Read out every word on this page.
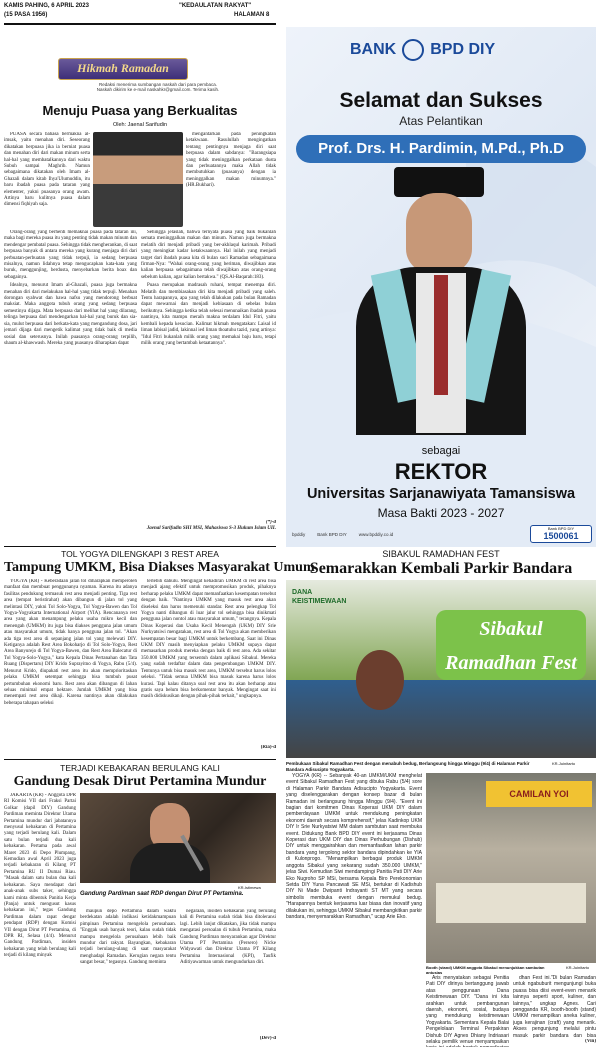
KAMIS PAHING, 6 APRIL 2023
(15 PASA 1956)
"KEDAULATAN RAKYAT"
HALAMAN 8
Hikmah Ramadan
Redaksi menerima sumbangan naskah dari para pembaca.
Naskah dikirim ke e-mail naskahkr@gmail.com. Terima kasih.
Menuju Puasa yang Berkualitas
Oleh: Jaenal Sarifudin

PUASA secara bahasa bermakna al-imsak, yaitu menahan diri. Seseorang dikatakan berpuasa jika ia berniat puasa dan menahan diri dari makan minum serta hal-hal yang membatalkannya dari waktu Subuh sampai Maghrib. Namun sebagaimana dikatakan oleh Imam al-Ghazali dalam kitab Ihya'Ulumuddin, itu baru ibadah puasa pada tataran yang elementer, yakni puasanya orang awam. Artinya baru kulitnya puasa dalam dimensi fiqhiyah saja.

Orang-orang yang berhenti memaknai puasa pada tataran ini, maka bagi mereka puasa itu yang penting tidak makan minum dan mendengar pembatal puasa. Sehingga tidak mengherankan, di saat berpuasa banyak di antara mereka yang kurang menjaga diri dari perbuatan-perbuatan yang tidak terpuji, ia sedang berpuasa misalnya, namun lidahnya tetap mengucapkan kata-kata yang buruk, menggunjing, berdusta, menyebarkan berita hoax dan sebagainya.

Idealnya, menurut Imam al-Ghazali, puasa juga bermakna menahan diri dari melakukan hal-hal yang tidak terpuji. Menahan dorongan syahwat dan hawa nafsu yang mendorong berbuat maksiat. Maka anggota tubuh orang yang sedang berpuasa semestinya dijaga. Mata berpuasa dari melihat hal yang dilarang, telinga berpuasa dari mendengarkan hal-hal yang buruk dan sia-sia, mulut berpuasa dari berkata-kata yang mengandung dosa, jari jemari dijaga dari mengetik kalimat yang tidak baik di media sosial dan seterusnya. Inilah puasanya orang-orang terpilih, shaum al-khawwash. Mereka yang puasanya diharapkan dapat

mengantarkan pada peningkatan ketakwaan. Rasulullah mengingatkan tentang pentingnya menjaga diri saat berpuasa dalam sabdanya: "Barangsiapa yang tidak meninggalkan perkataan dusta dan perbuatannya maka Allah tidak membutuhkan (puasanya) dengan ia meninggalkan makan minumnya." (HR.Bukhari).

Sehingga jelaslah, bahwa ternyata puasa yang baik bukanlah semata meninggalkan makan dan minum. Namun juga bermakna melatih diri menjadi pribadi yang ber-akhlaqul karimah. Pribadi yang meningkat kadar ketakwaannya. Hal inilah yang menjadi target dari ibadah puasa kita di bulan suci Ramadan sebagaimana firman-Nya: "Wahai orang-orang yang beriman, diwajibkan atas kalian berpuasa sebagaimana telah diwajibkan atas orang-orang sebelum kalian, agar kalian bertakwa." (QS.Al-Baqarah:183).

Puasa merupakan madrasah ruhani, tempat menempa diri. Melatih dan membiasakan diri kita menjadi pribadi yang saleh. Tentu harapannya, apa yang telah dilakukan pada bulan Ramadan dapat mewarnai dan menjadi kebiasaan di sebelas bulan berikutnya. Sehingga ketika telah selesai menunaikan ibadah puasa nantinya, kita mampu meraih makna terdalam Idul Fitri, yaitu kembali kepada kesucian. Kalimat hikmah mengatakan: Laisal id liman labisal jadid, lakinnal ied liman thoatuhu tazid, yang artinya: "Idul Fitri bukanlah milik orang yang memakai baju baru, tetapi milik orang yang bertambah ketaatannya".

(*)-d
Jaenal Sarifudin SHI MSI, Mahasiswa S-3 Hukum Islam UII.
BANK BPD DIY
Selamat dan Sukses
Atas Pelantikan
Prof. Drs. H. Pardimin, M.Pd., Ph.D
sebagai
REKTOR
Universitas Sarjanawiyata Tamansiswa
Masa Bakti 2023 - 2027
bpddiy	Bank BPD DIY	www.bpddiy.co.id
Bank BPD DIY
1500061
TOL YOGYA DILENGKAPI 3 REST AREA
Tampung UMKM, Bisa Diakses Masyarakat Umum

YOGYA (KR) - Keberadaan jalan tol diharapkan memperoleh manfaat dan membuat penggunanya nyaman. Karena itu adanya fasilitas pendukung termasuk rest area menjadi penting. Tiga rest area (tempat beristirahat) akan dibangun di jalan tol yang melintasi DIY, yakni Tol Solo-Yogya, Tol Yogya-Bawen dan Tol Yogya-Yogyakarta International Airport (YIA). Rencananya rest area yang akan menampung pelaku usaha mikro kecil dan menengah (UMKM) itu juga bisa diakses pengguna jalan umum atau masyarakat umum, tidak hanya pengguna jalan tol. "Akan ada tiga rest area di sepanjang jalan tol yang melewati DIY. Ketiganya adalah Rest Area Bokoharjo di Tol Solo-Yogya, Rest Area Banyurejo di Tol Yogya-Bawen, dan Rest Area Balecatur di Tol Yogya-Solo-Yogya," kata Kepala Dinas Pertanahan dan Tata Ruang (Dispertaru) DIY Krido Suprayitno di Yogya, Rabu (5/4). Menurut Krido, diupakati rest area itu akan memprioritaskan pelaku UMKM setempat sehingga bisa tumbuh pusat pertumbuhan ekonomi baru. Rest area akan dibangun di lahan seluas minimal empat hektare. Jumlah UMKM yang bisa menempati rest area dikaji. Karena nantinya akan dilakukan beberapa tahapan seleksi

terlebih dahulu. Mengingat kehadiran UMKM di rest area bisa menjadi ajang efektif untuk mempromosikan produk, pihaknya berharap pelaku UMKM dapat memanfaatkan kesempatan tersebut dengan baik. "Nantinya UMKM yang masuk rest area akan diseleksi dan harus memenuhi standar. Rest area pelengkap Tol Yogya nanti dibangun di luar jalur tol sehingga bisa dinikmati pengguna jalan nontol atau masyarakat umum," terangnya. Kepala Dinas Koperasi dan Usaha Kecil Menengah (UKM) DIY Srie Nurkyatsiwi mengatakan, rest area di Tol Yogya akan memberikan kesempatan besar bagi UMKM untuk berkembang. Saat ini Dinas UKM DIY masih menyiapkan pelaku UMKM supaya dapat memasarkan produk mereka dengan baik di rest area. Ada sekitar 350.000 UMKM yang tersentuh dalam aplikasi Sibakul. Mereka yang sudah terdaftar dalam data pengembangan UMKM DIY. Tentunya untuk bisa masuk rest area, UMKM tersebut harus lolos seleksi. "Tidak semua UMKM bisa masuk karena harus lolos kurasi. Tapi kalau ditanya soal rest area itu akan berharap atau gratis saya belum bisa berkomentar banyak. Mengingat saat ini masih didiskusikan dengan pihak-pihak terkait," ungkapnya.

(Ria)-d
TERJADI KEBAKARAN BERULANG KALI
Gandung Desak Dirut Pertamina Mundur

JAKARTA (KR) - Anggota DPR RI Komisi VII dari Fraksi Partai Golkar (dapil DIY) Gandung Pardiman meminta Direktur Utama Pertamina mundur dari jabatannya menyusul kebakaran di Pertamina yang terjadi berulang kali. Dalam satu bulan terjadi dua kali kebakaran. Pertama pada awal Maret 2023 di Depo Plumpang, Kemudian awal April 2023 juga terjadi kebakaran di Kilang PT Pertamina RU II Dumai Riau. "Masak dalam satu bulan dua kali kebakaran. Saya mendapat dari anak-anak subs taker, sehingga kami minta dibentuk Panitia Kerja (Panja) untuk mengusut kasus kebakaran ini," tegas Gandung Pardiman dalam rapat dengar pendapat (RDP) dengan Komisi VII dengan Dirut PT Pertamina, di DPR RI, Selasa (4/4). Menurut Gandung Pardiman, insiden kebakaran yang telah berulang kali terjadi di kilang minyak

KR-Istimewa
Gandung Pardiman saat RDP dengan Dirut PT Pertamina.

maupun depo Pertamina dalam waktu berdekatan adalah indikasi ketidakmampuan pimpinan Pertamina mengelola perusahaan. "Enggak usah banyak teori, kalau sudah tidak mampu mengelola perusahaan lebih baik mundur dari rakyat. Bayangkan, kebakaran terjadi berulang-ulang di saat masyarakat menghadapi Ramadan. Kerugian negara tentu sangat besar," tegasnya. Gandung meminta

negaraan, insiden kebakaran yang berulang kali di Pertamina sudah tidak bisa ditoleransi lagi. Lebih lanjut dikatakan, jika tidak mampu mengatasi persoalan di tubuh Pertamina, maka Gandung Pardiman menyarankan agar Direktur Utama PT Pertamina (Persero) Nicke Widyawati dan Direktur Utama PT Kilang Pertamina Internasional (KPI), Taufik Aditiyawarman untuk mengundurkan diri.

(Dev)-d
SIBAKUL RAMADHAN FEST
Semarakkan Kembali Parkir Bandara
DANA KEISTIMEWAAN
Sibakul Ramadhan Fest
Pembukaan Sibakul Ramadhan Fest dengan menabuh bedug, Berlangsung hingga Minggu (9/4) di Halaman Parkir Bandara Adisucipto Yogyakarta.
KR-Juinitarto

YOGYA (KR) -- Sebanyak 40-an UMKM/UKM menghelat event Sibakul Ramadhan Fest yang dibuka Rabu (5/4) sore di Halaman Parkir Bandara Adisucipto Yogyakarta. Event yang diselenggarakan dengan konsep bazar di bulan Ramadan ini berlangsung hingga Minggu (9/4). "Event ini bagian dari komitmen Dinas Koperasi UKM DIY dalam pemberdayaan UMKM untuk mendukung peningkatan ekonomi daerah secara komprehensif," jelas Kadinkop UKM DIY Ir Srie Nurkyatsiwi MM dalam sambutan saat membuka event. Didukung Bank BPD DIY event ini kerjasama Dinas Koperasi dan UKM DIY dan Dinas Perhubungan (Dishub) DIY untuk menggairahkan dan memanfaatkan lahan parkir bandara yang tergolong sektor bandara dipindahkan ke YIA di Kulonprogo. "Menampilkan berbagai produk UMKM anggota Sibakul yang sekarang sudah 350.000 UMKM," jelas Siwi. Kemudian Siwi mendampingi Panitia Pati DIY Arie Eko Nugroho SP MSi, bersama Kepala Biro Perekonomian Setda DIY Yuna Pancawati SE MSi, bertukar di Kadishub DIY Ni Made Dwipanti Indrayanti ST MT yang secara simbolis membuka event dengan memukul bedug. "Harapannya bentuk kerjasama luar biasa dan inovatif yang dilakukan ini, sehingga UMKM Sibakul membangkitkan parkir bandara, menyemarakkan Ramadhan," ucap Arie Eko.

CAMILAN YOI
Booth (stand) UMKM anggota Sibakul menunjukkan sambutan antusias
KR-Juinitarto

Aris menyatakan sebagai Penitia Pati DIY dirinya bertanggung jawab atas penggunaan Dana Keistimewaan DIY. "Dana ini kita arahkan untuk pembangunan daerah, ekonomi, sosial, budaya yang mendukung keistimewaan Yogyakarta. Sementara Kepala Balai Pengelolaan Terminal Perpakiran Dishub DIY Agnes Dhiany Indriasari selaku pemilik venue menyampaikan

dhan Fest ini."Di bulan Ramadan untuk ngabuburit mengunjungi buka puasa bisa diisi event-even menarik lainnya seperti sport, kuliner, dan lainnya," ungkap Agnes. Cari pengganda KR, booth-booth (stand) UMKM menampilkan aneka kuliner, juga kerajinan (craft) yang menarik. Akses pengunjung melalui pintu masuk parkir bandara dan bisa

(Vin)
